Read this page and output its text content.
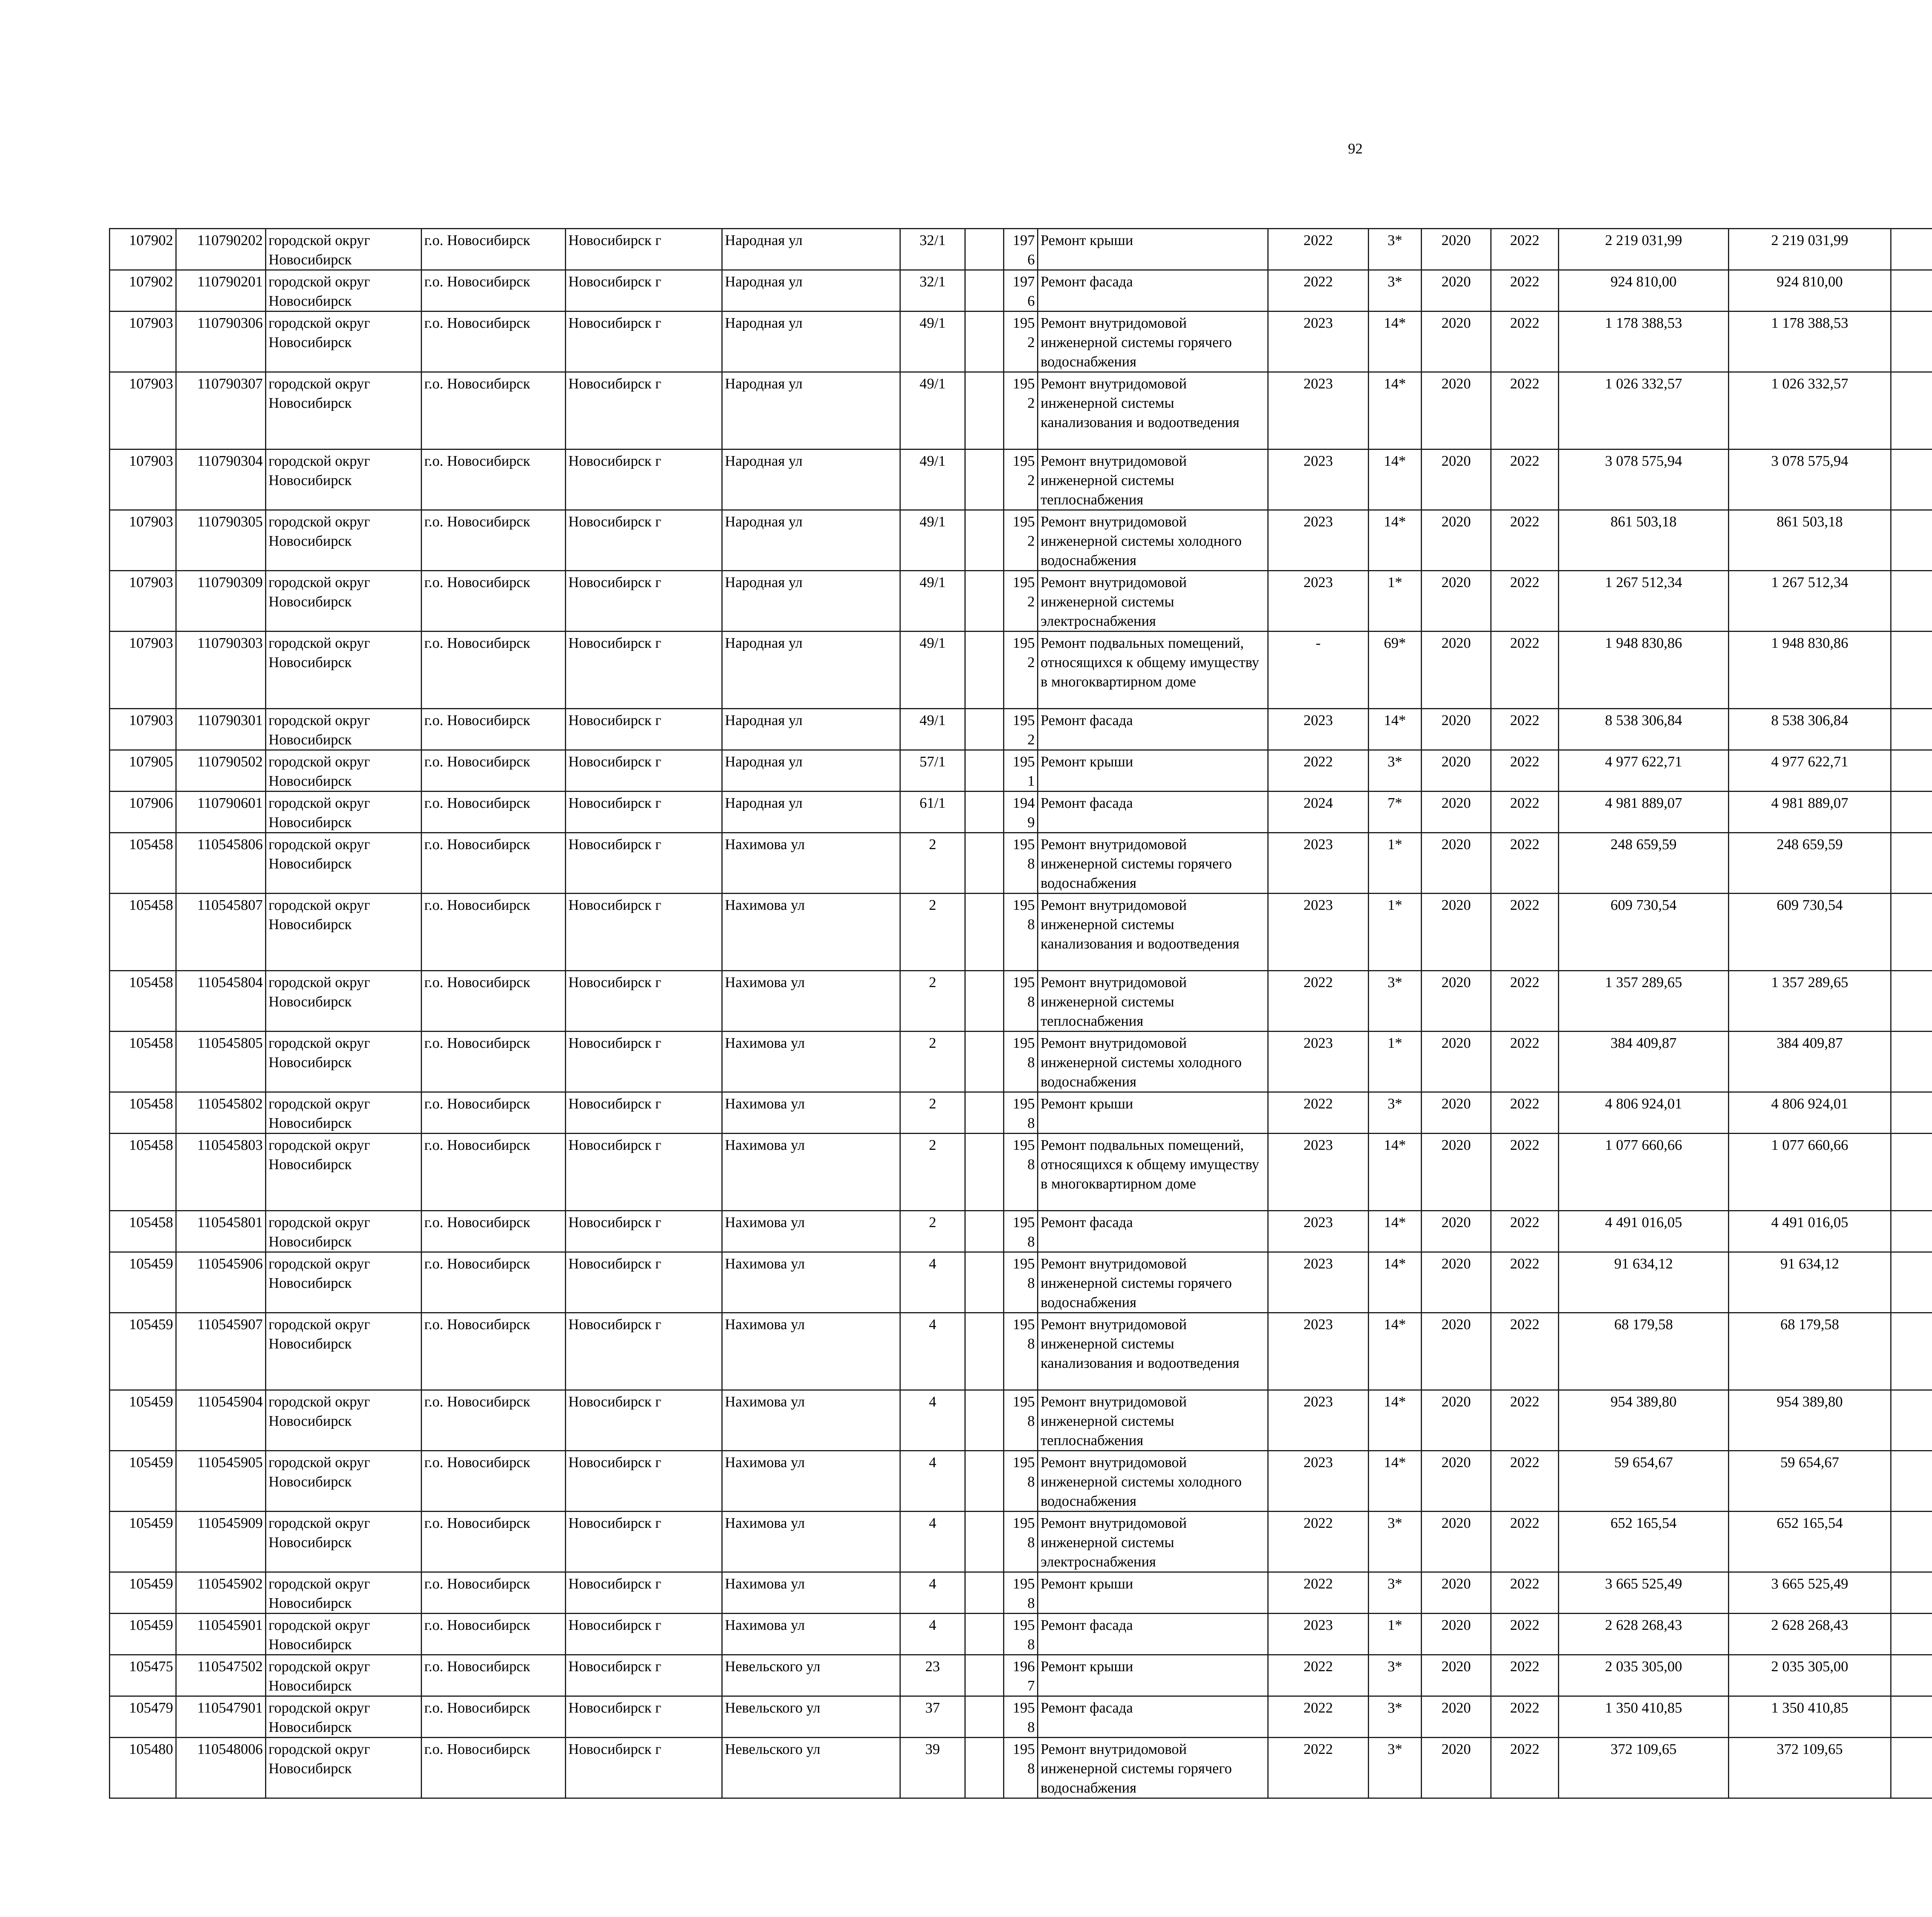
92
107902	110790202	городской округ Новосибирск	г.о. Новосибирск	Новосибирск г	Народная ул	32/1		1976	Ремонт крыши	2022	3*	2020	2022	2 219 031,99	2 219 031,99						
107902	110790201	городской округ Новосибирск	г.о. Новосибирск	Новосибирск г	Народная ул	32/1		1976	Ремонт фасада	2022	3*	2020	2022	924 810,00	924 810,00						
107903	110790306	городской округ Новосибирск	г.о. Новосибирск	Новосибирск г	Народная ул	49/1		1952	Ремонт внутридомовой инженерной системы горячего водоснабжения	2023	14*	2020	2022	1 178 388,53	1 178 388,53						
107903	110790307	городской округ Новосибирск	г.о. Новосибирск	Новосибирск г	Народная ул	49/1		1952	Ремонт внутридомовой инженерной системы канализования и водоотведения	2023	14*	2020	2022	1 026 332,57	1 026 332,57						
107903	110790304	городской округ Новосибирск	г.о. Новосибирск	Новосибирск г	Народная ул	49/1		1952	Ремонт внутридомовой инженерной системы теплоснабжения	2023	14*	2020	2022	3 078 575,94	3 078 575,94						
107903	110790305	городской округ Новосибирск	г.о. Новосибирск	Новосибирск г	Народная ул	49/1		1952	Ремонт внутридомовой инженерной системы холодного водоснабжения	2023	14*	2020	2022	861 503,18	861 503,18						
107903	110790309	городской округ Новосибирск	г.о. Новосибирск	Новосибирск г	Народная ул	49/1		1952	Ремонт внутридомовой инженерной системы электроснабжения	2023	1*	2020	2022	1 267 512,34	1 267 512,34						
107903	110790303	городской округ Новосибирск	г.о. Новосибирск	Новосибирск г	Народная ул	49/1		1952	Ремонт подвальных помещений, относящихся к общему имуществу в многоквартирном доме	-	69*	2020	2022	1 948 830,86	1 948 830,86						
107903	110790301	городской округ Новосибирск	г.о. Новосибирск	Новосибирск г	Народная ул	49/1		1952	Ремонт фасада	2023	14*	2020	2022	8 538 306,84	8 538 306,84						
107905	110790502	городской округ Новосибирск	г.о. Новосибирск	Новосибирск г	Народная ул	57/1		1951	Ремонт крыши	2022	3*	2020	2022	4 977 622,71	4 977 622,71						
107906	110790601	городской округ Новосибирск	г.о. Новосибирск	Новосибирск г	Народная ул	61/1		1949	Ремонт фасада	2024	7*	2020	2022	4 981 889,07	4 981 889,07						
105458	110545806	городской округ Новосибирск	г.о. Новосибирск	Новосибирск г	Нахимова ул	2		1958	Ремонт внутридомовой инженерной системы горячего водоснабжения	2023	1*	2020	2022	248 659,59	248 659,59						
105458	110545807	городской округ Новосибирск	г.о. Новосибирск	Новосибирск г	Нахимова ул	2		1958	Ремонт внутридомовой инженерной системы канализования и водоотведения	2023	1*	2020	2022	609 730,54	609 730,54						
105458	110545804	городской округ Новосибирск	г.о. Новосибирск	Новосибирск г	Нахимова ул	2		1958	Ремонт внутридомовой инженерной системы теплоснабжения	2022	3*	2020	2022	1 357 289,65	1 357 289,65						
105458	110545805	городской округ Новосибирск	г.о. Новосибирск	Новосибирск г	Нахимова ул	2		1958	Ремонт внутридомовой инженерной системы холодного водоснабжения	2023	1*	2020	2022	384 409,87	384 409,87						
105458	110545802	городской округ Новосибирск	г.о. Новосибирск	Новосибирск г	Нахимова ул	2		1958	Ремонт крыши	2022	3*	2020	2022	4 806 924,01	4 806 924,01						
105458	110545803	городской округ Новосибирск	г.о. Новосибирск	Новосибирск г	Нахимова ул	2		1958	Ремонт подвальных помещений, относящихся к общему имуществу в многоквартирном доме	2023	14*	2020	2022	1 077 660,66	1 077 660,66						
105458	110545801	городской округ Новосибирск	г.о. Новосибирск	Новосибирск г	Нахимова ул	2		1958	Ремонт фасада	2023	14*	2020	2022	4 491 016,05	4 491 016,05						
105459	110545906	городской округ Новосибирск	г.о. Новосибирск	Новосибирск г	Нахимова ул	4		1958	Ремонт внутридомовой инженерной системы горячего водоснабжения	2023	14*	2020	2022	91 634,12	91 634,12						
105459	110545907	городской округ Новосибирск	г.о. Новосибирск	Новосибирск г	Нахимова ул	4		1958	Ремонт внутридомовой инженерной системы канализования и водоотведения	2023	14*	2020	2022	68 179,58	68 179,58						
105459	110545904	городской округ Новосибирск	г.о. Новосибирск	Новосибирск г	Нахимова ул	4		1958	Ремонт внутридомовой инженерной системы теплоснабжения	2023	14*	2020	2022	954 389,80	954 389,80						
105459	110545905	городской округ Новосибирск	г.о. Новосибирск	Новосибирск г	Нахимова ул	4		1958	Ремонт внутридомовой инженерной системы холодного водоснабжения	2023	14*	2020	2022	59 654,67	59 654,67						
105459	110545909	городской округ Новосибирск	г.о. Новосибирск	Новосибирск г	Нахимова ул	4		1958	Ремонт внутридомовой инженерной системы электроснабжения	2022	3*	2020	2022	652 165,54	652 165,54						
105459	110545902	городской округ Новосибирск	г.о. Новосибирск	Новосибирск г	Нахимова ул	4		1958	Ремонт крыши	2022	3*	2020	2022	3 665 525,49	3 665 525,49						
105459	110545901	городской округ Новосибирск	г.о. Новосибирск	Новосибирск г	Нахимова ул	4		1958	Ремонт фасада	2023	1*	2020	2022	2 628 268,43	2 628 268,43						
105475	110547502	городской округ Новосибирск	г.о. Новосибирск	Новосибирск г	Невельского ул	23		1967	Ремонт крыши	2022	3*	2020	2022	2 035 305,00	2 035 305,00						
105479	110547901	городской округ Новосибирск	г.о. Новосибирск	Новосибирск г	Невельского ул	37		1958	Ремонт фасада	2022	3*	2020	2022	1 350 410,85	1 350 410,85						
105480	110548006	городской округ Новосибирск	г.о. Новосибирск	Новосибирск г	Невельского ул	39		1958	Ремонт внутридомовой инженерной системы горячего водоснабжения	2022	3*	2020	2022	372 109,65	372 109,65						
